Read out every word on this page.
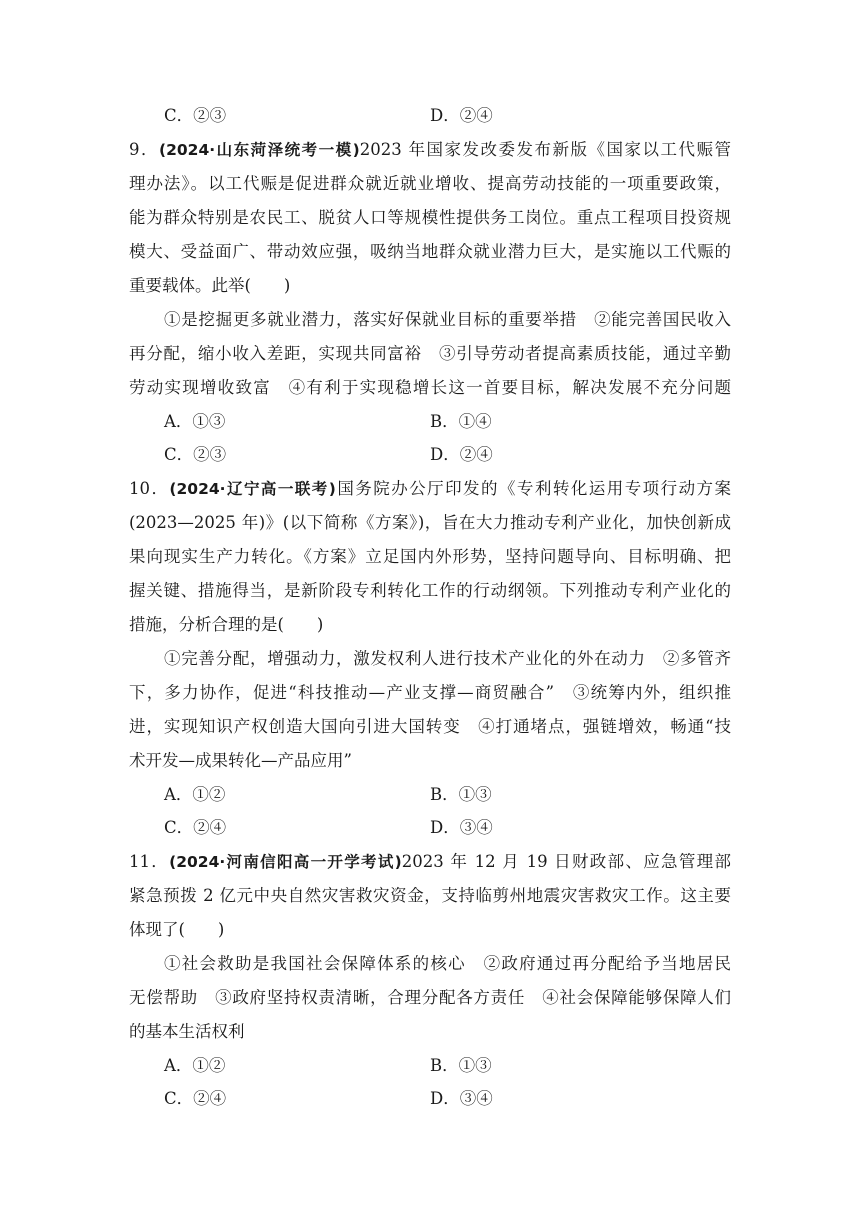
C．②③	D．②④
9．(2024·山东菏泽统考一模)2023 年国家发改委发布新版《国家以工代赈管
理办法》。以工代赈是促进群众就近就业增收、提高劳动技能的一项重要政策，
能为群众特别是农民工、脱贫人口等规模性提供务工岗位。重点工程项目投资规
模大、受益面广、带动效应强，吸纳当地群众就业潜力巨大，是实施以工代赈的
重要载体。此举(　　)
①是挖掘更多就业潜力，落实好保就业目标的重要举措　②能完善国民收入
再分配，缩小收入差距，实现共同富裕　③引导劳动者提高素质技能，通过辛勤
劳动实现增收致富　④有利于实现稳增长这一首要目标，解决发展不充分问题
A．①③	B．①④
C．②③	D．②④
10．(2024·辽宁高一联考)国务院办公厅印发的《专利转化运用专项行动方案
(2023—2025 年)》(以下简称《方案》)，旨在大力推动专利产业化，加快创新成
果向现实生产力转化。《方案》立足国内外形势，坚持问题导向、目标明确、把
握关键、措施得当，是新阶段专利转化工作的行动纲领。下列推动专利产业化的
措施，分析合理的是(　　)
①完善分配，增强动力，激发权利人进行技术产业化的外在动力　②多管齐
下，多力协作，促进“科技推动—产业支撑—商贸融合”　③统筹内外，组织推
进，实现知识产权创造大国向引进大国转变　④打通堵点，强链增效，畅通“技
术开发—成果转化—产品应用”
A．①②	B．①③
C．②④	D．③④
11．(2024·河南信阳高一开学考试)2023 年 12 月 19 日财政部、应急管理部
紧急预拨 2 亿元中央自然灾害救灾资金，支持临剪州地震灾害救灾工作。这主要
体现了(　　)
①社会救助是我国社会保障体系的核心　②政府通过再分配给予当地居民
无偿帮助　③政府坚持权责清晰，合理分配各方责任　④社会保障能够保障人们
的基本生活权利
A．①②	B．①③
C．②④	D．③④
